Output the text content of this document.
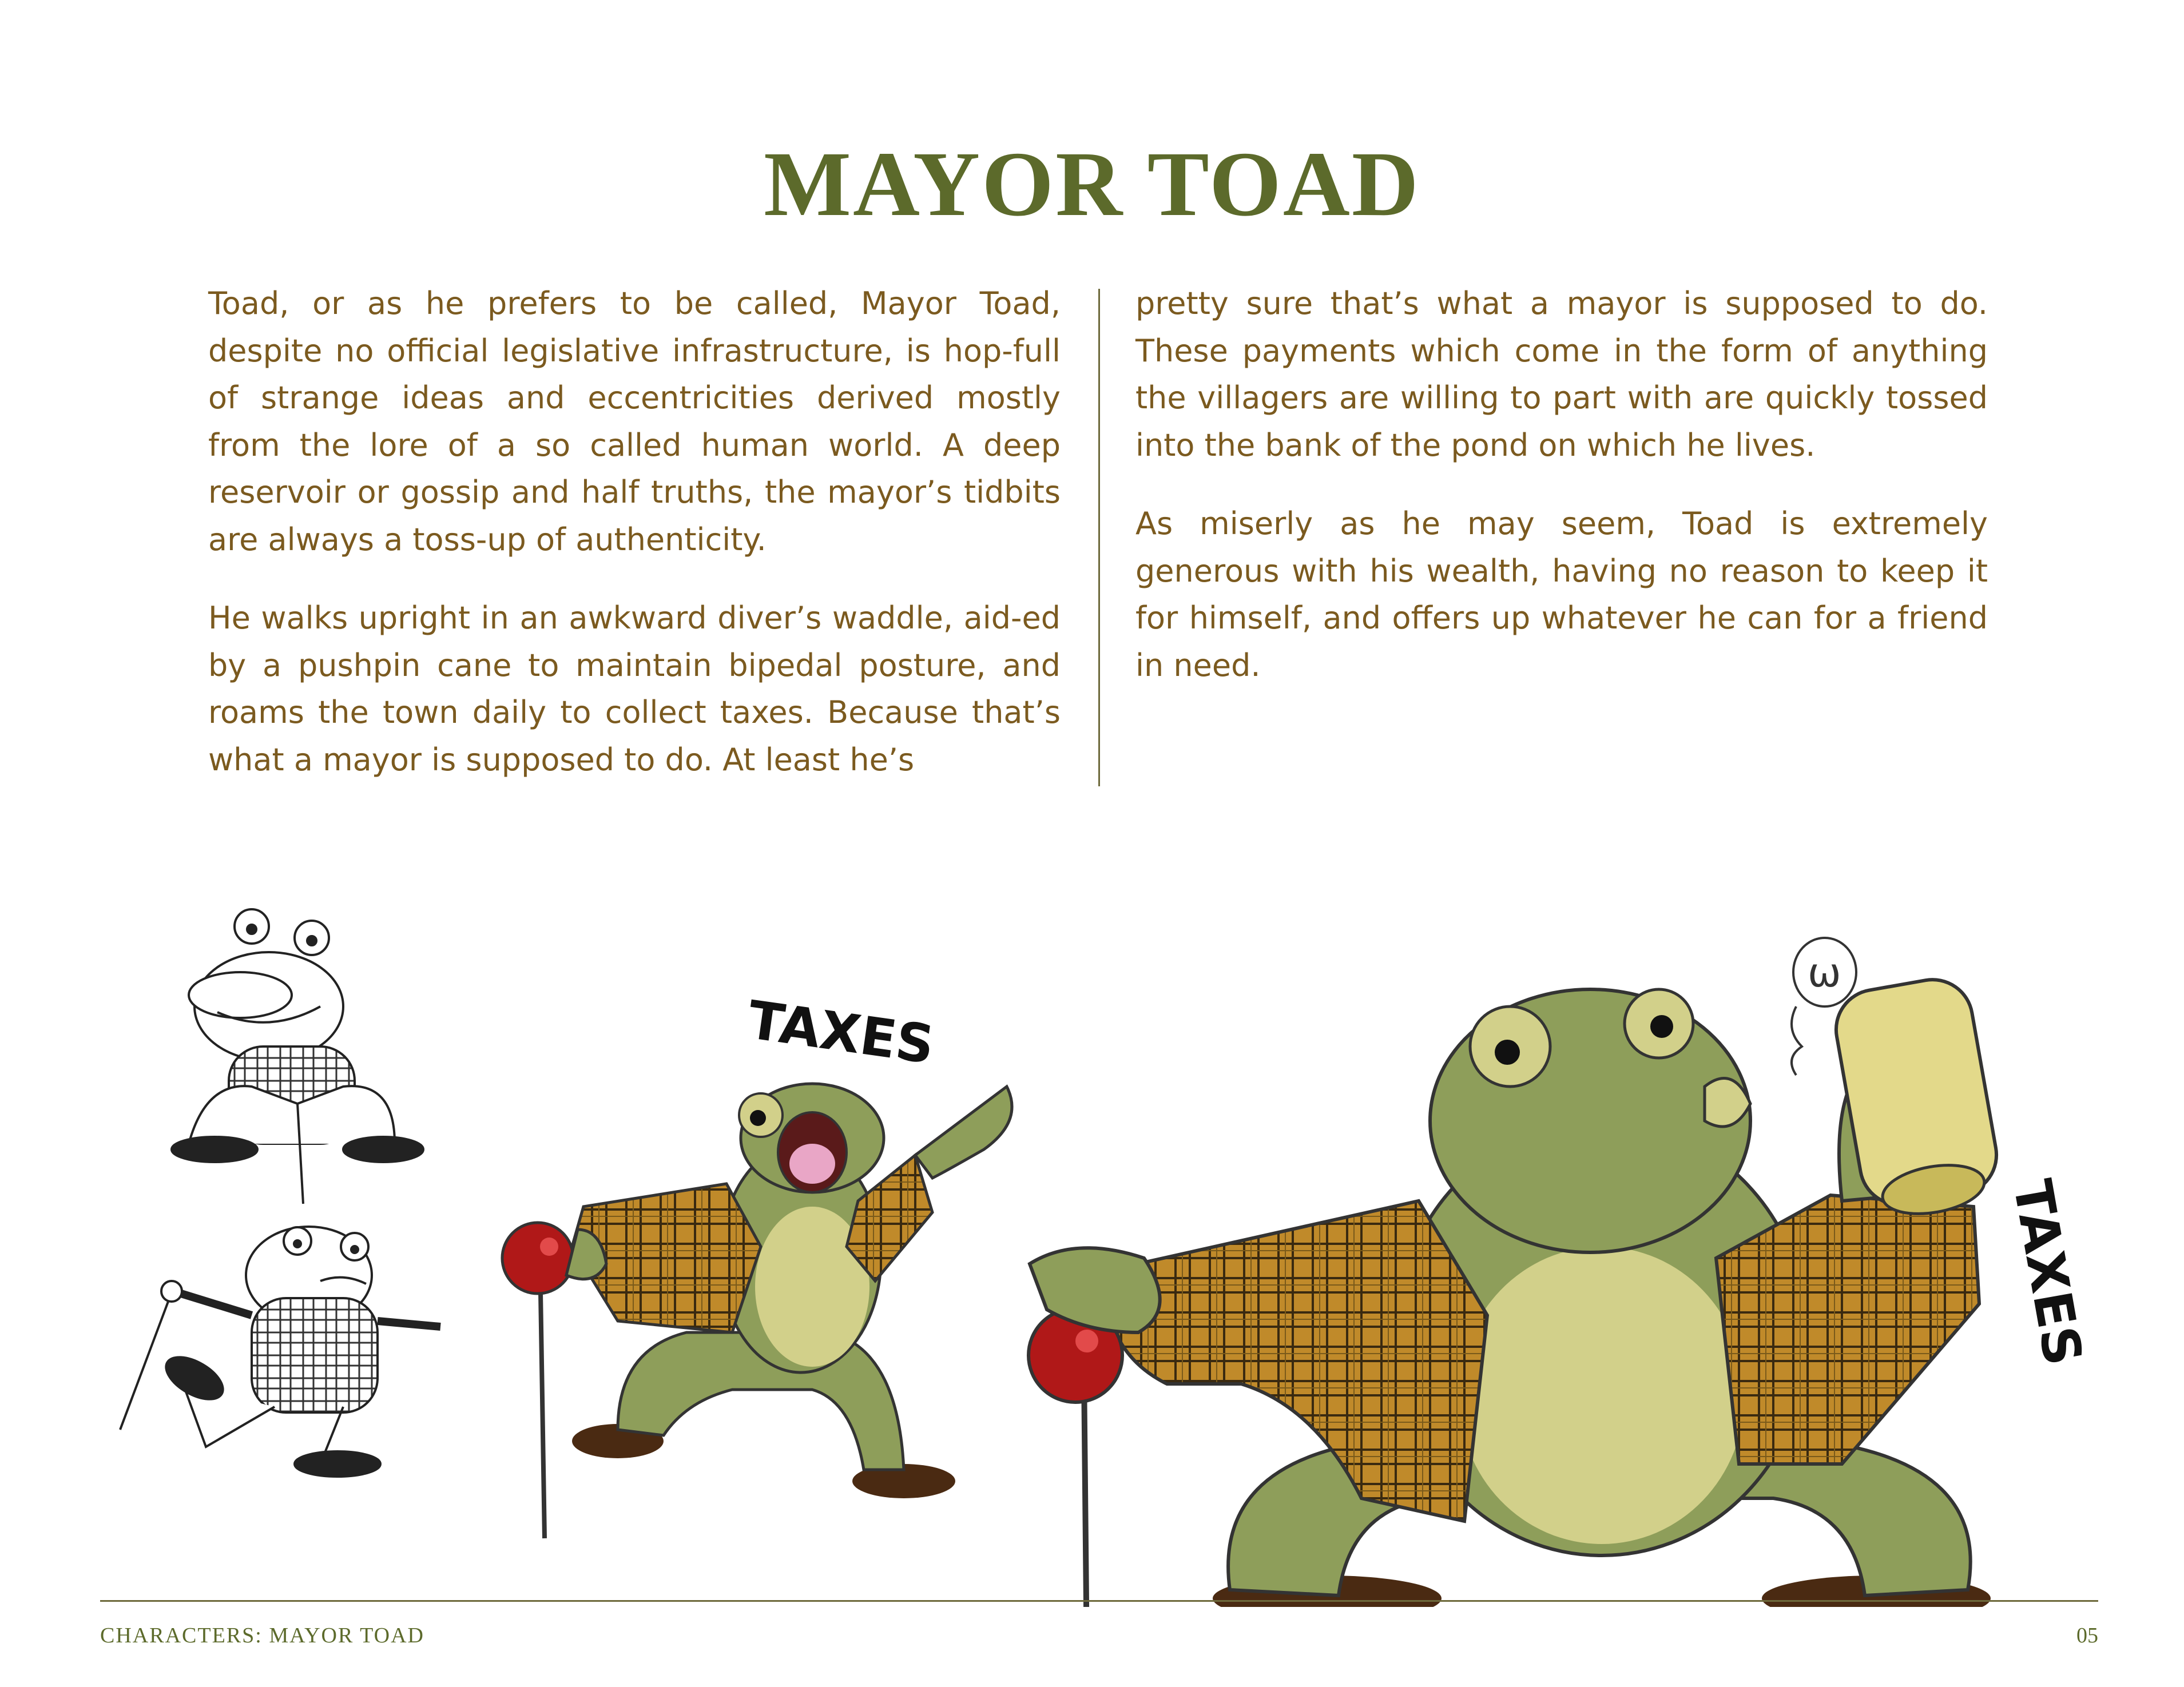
MAYOR TOAD

Toad, or as he prefers to be called, Mayor Toad, despite no official legislative infrastructure, is hop-full of strange ideas and eccentricities derived mostly from the lore of a so called human world. A deep reservoir or gossip and half truths, the mayor’s tidbits are always a toss-up of authenticity.

He walks upright in an awkward diver’s waddle, aid-ed by a pushpin cane to maintain bipedal posture, and roams the town daily to collect taxes. Because that’s what a mayor is supposed to do. At least he’s

pretty sure that’s what a mayor is supposed to do. These payments which come in the form of anything the villagers are willing to part with are quickly tossed into the bank of the pond on which he lives.

As miserly as he may seem, Toad is extremely generous with his wealth, having no reason to keep it for himself, and offers up whatever he can for a friend in need.

TAXES
ω
TAXES
CHARACTERS: MAYOR TOAD	05
